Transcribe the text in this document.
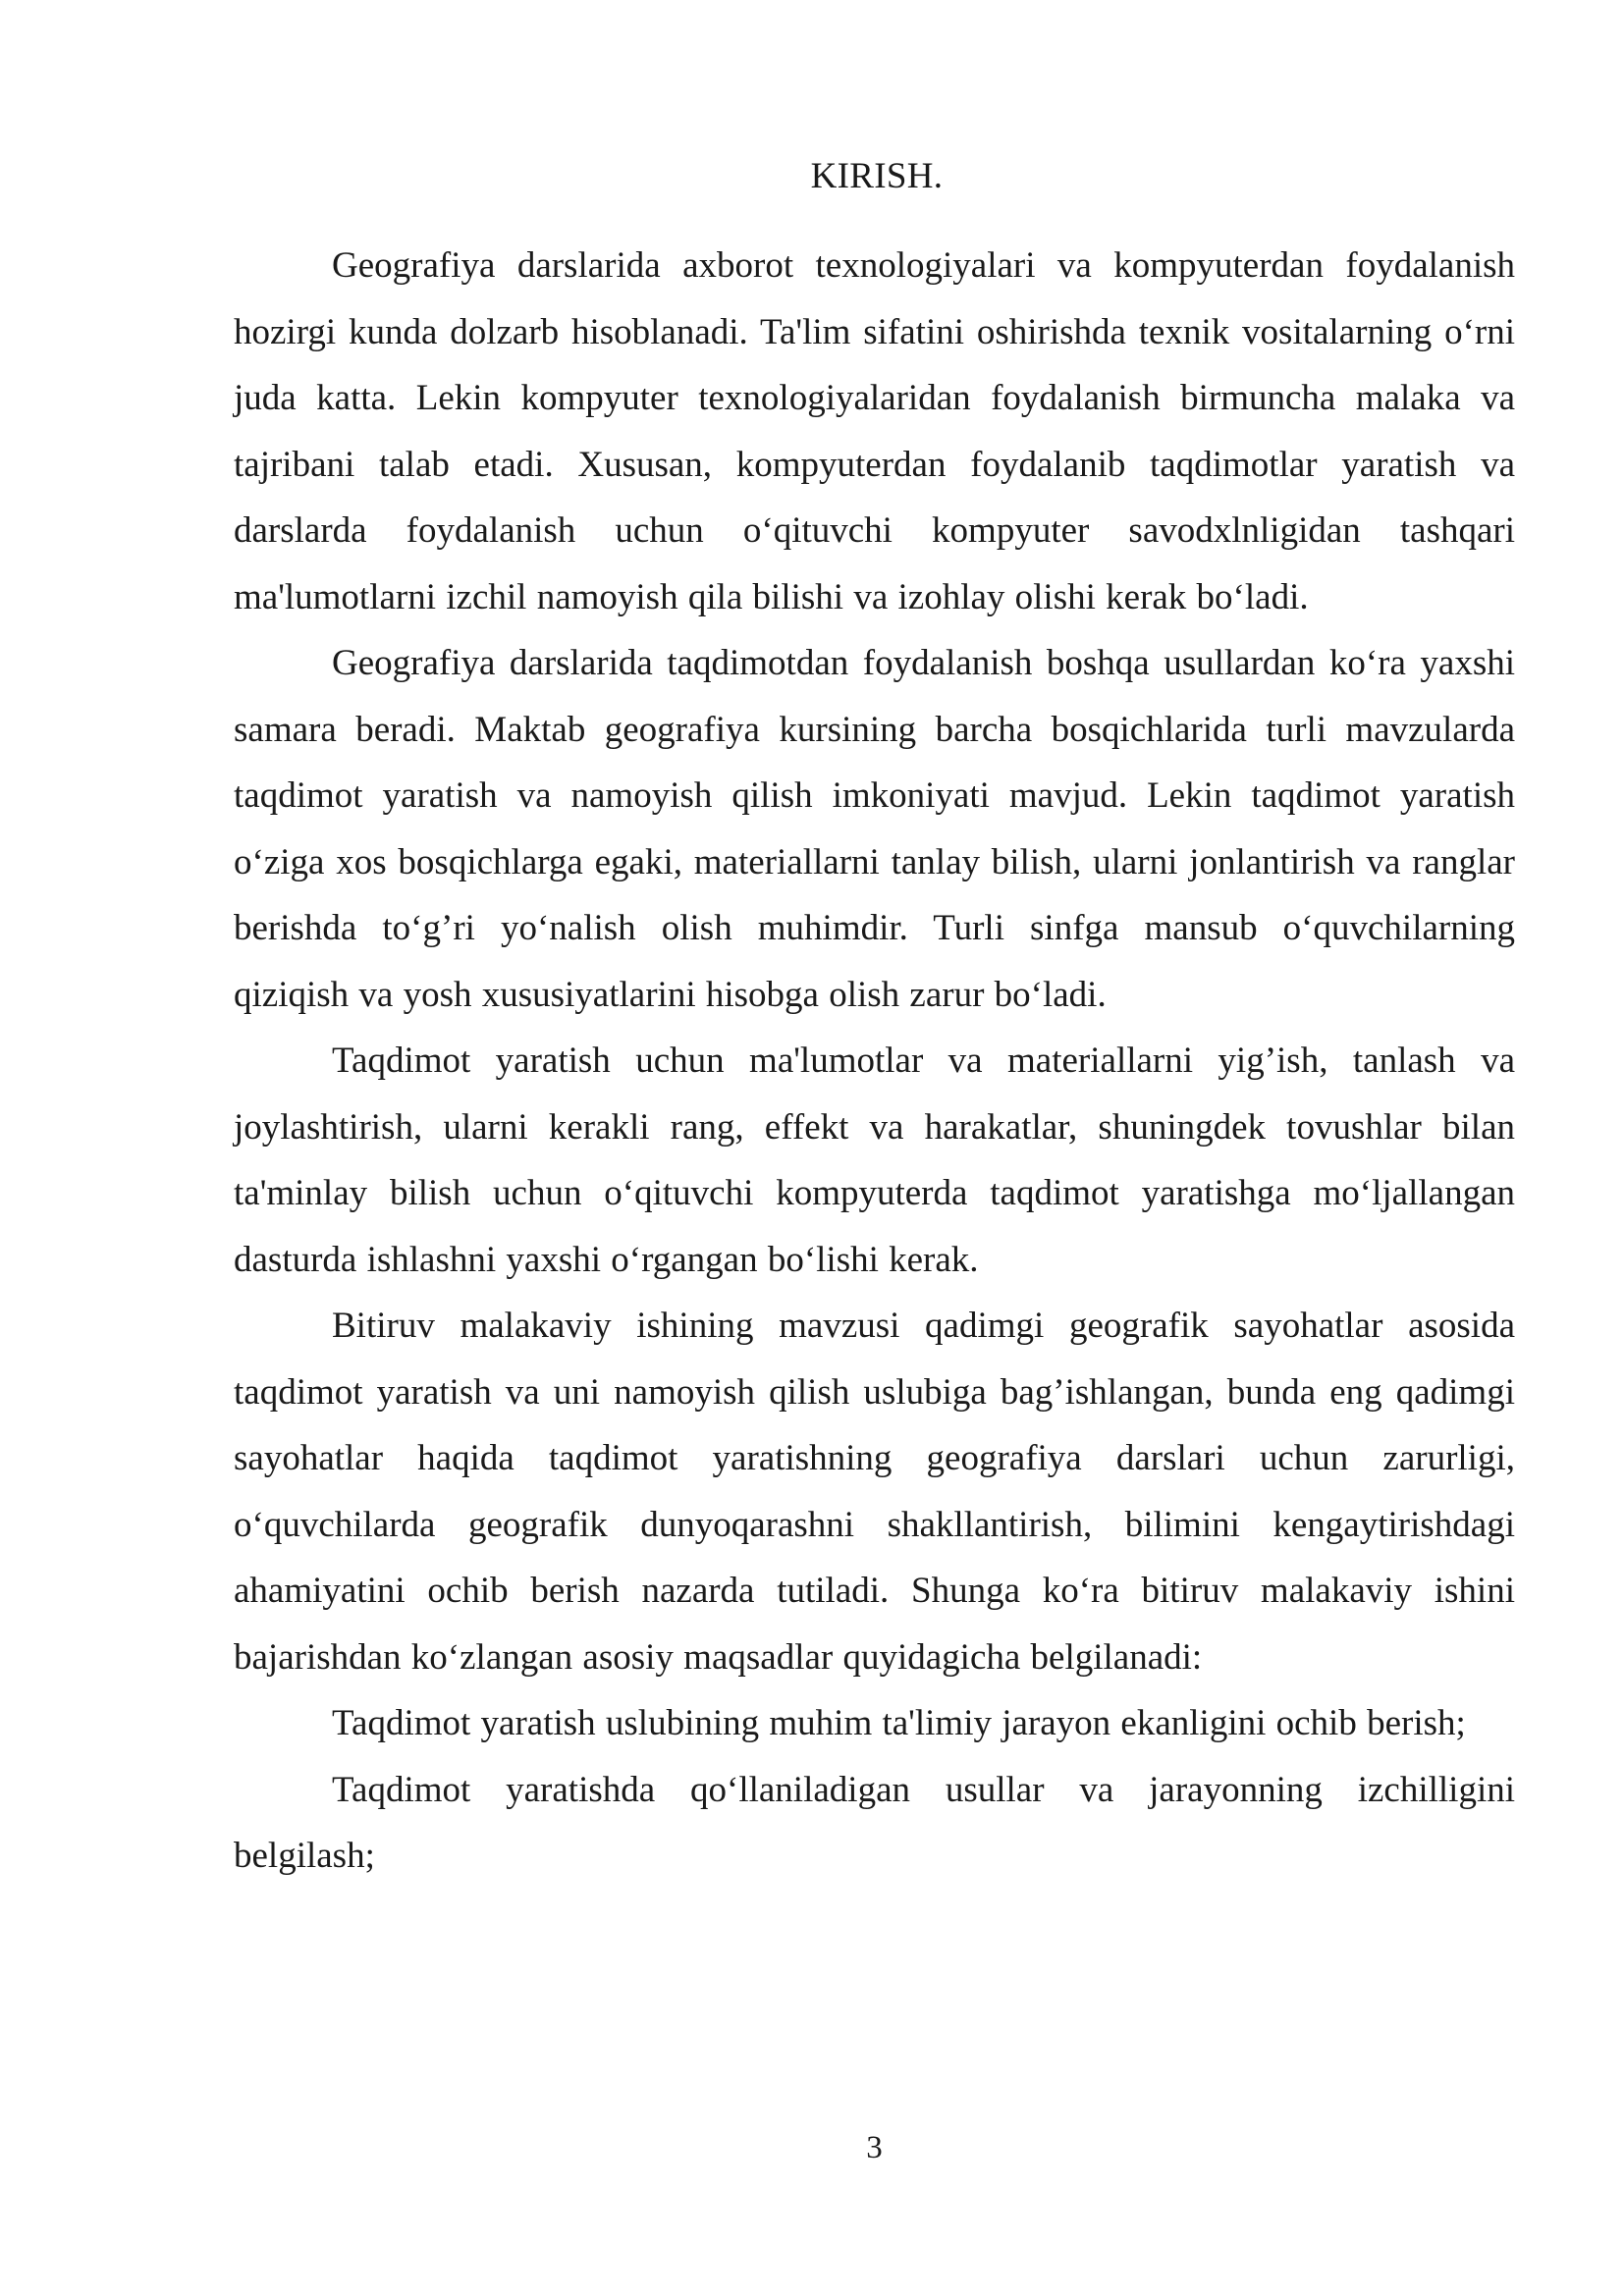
KIRISH.

Geografiya darslarida axborot texnologiyalari va kompyuterdan foydalanish hozirgi kunda dolzarb hisoblanadi. Ta'lim sifatini oshirishda texnik vositalarning o‘rni juda katta. Lekin kompyuter texnologiyalaridan foydalanish birmuncha malaka va tajribani talab etadi. Xususan, kompyuterdan foydalanib taqdimotlar yaratish va darslarda foydalanish uchun o‘qituvchi kompyuter savodxlnligidan tashqari ma'lumotlarni izchil namoyish qila bilishi va izohlay olishi kerak bo‘ladi.

Geografiya darslarida taqdimotdan foydalanish boshqa usullardan ko‘ra yaxshi samara beradi. Maktab geografiya kursining barcha bosqichlarida turli mavzularda taqdimot yaratish va namoyish qilish imkoniyati mavjud. Lekin taqdimot yaratish o‘ziga xos bosqichlarga egaki, materiallarni tanlay bilish, ularni jonlantirish va ranglar berishda to‘g’ri yo‘nalish olish muhimdir. Turli sinfga mansub o‘quvchilarning qiziqish va yosh xususiyatlarini hisobga olish zarur bo‘ladi.

Taqdimot yaratish uchun ma'lumotlar va materiallarni yig’ish, tanlash va joylashtirish, ularni kerakli rang, effekt va harakatlar, shuningdek tovushlar bilan ta'minlay bilish uchun o‘qituvchi kompyuterda taqdimot yaratishga mo‘ljallangan dasturda ishlashni yaxshi o‘rgangan bo‘lishi kerak.

Bitiruv malakaviy ishining mavzusi qadimgi geografik sayohatlar asosida taqdimot yaratish va uni namoyish qilish uslubiga bag’ishlangan, bunda eng qadimgi sayohatlar haqida taqdimot yaratishning geografiya darslari uchun zarurligi, o‘quvchilarda geografik dunyoqarashni shakllantirish, bilimini kengaytirishdagi ahamiyatini ochib berish nazarda tutiladi. Shunga ko‘ra bitiruv malakaviy ishini bajarishdan ko‘zlangan asosiy maqsadlar quyidagicha belgilanadi:

Taqdimot yaratish uslubining muhim ta'limiy jarayon ekanligini ochib berish;

Taqdimot yaratishda qo‘llaniladigan usullar va jarayonning izchilligini belgilash;

3
